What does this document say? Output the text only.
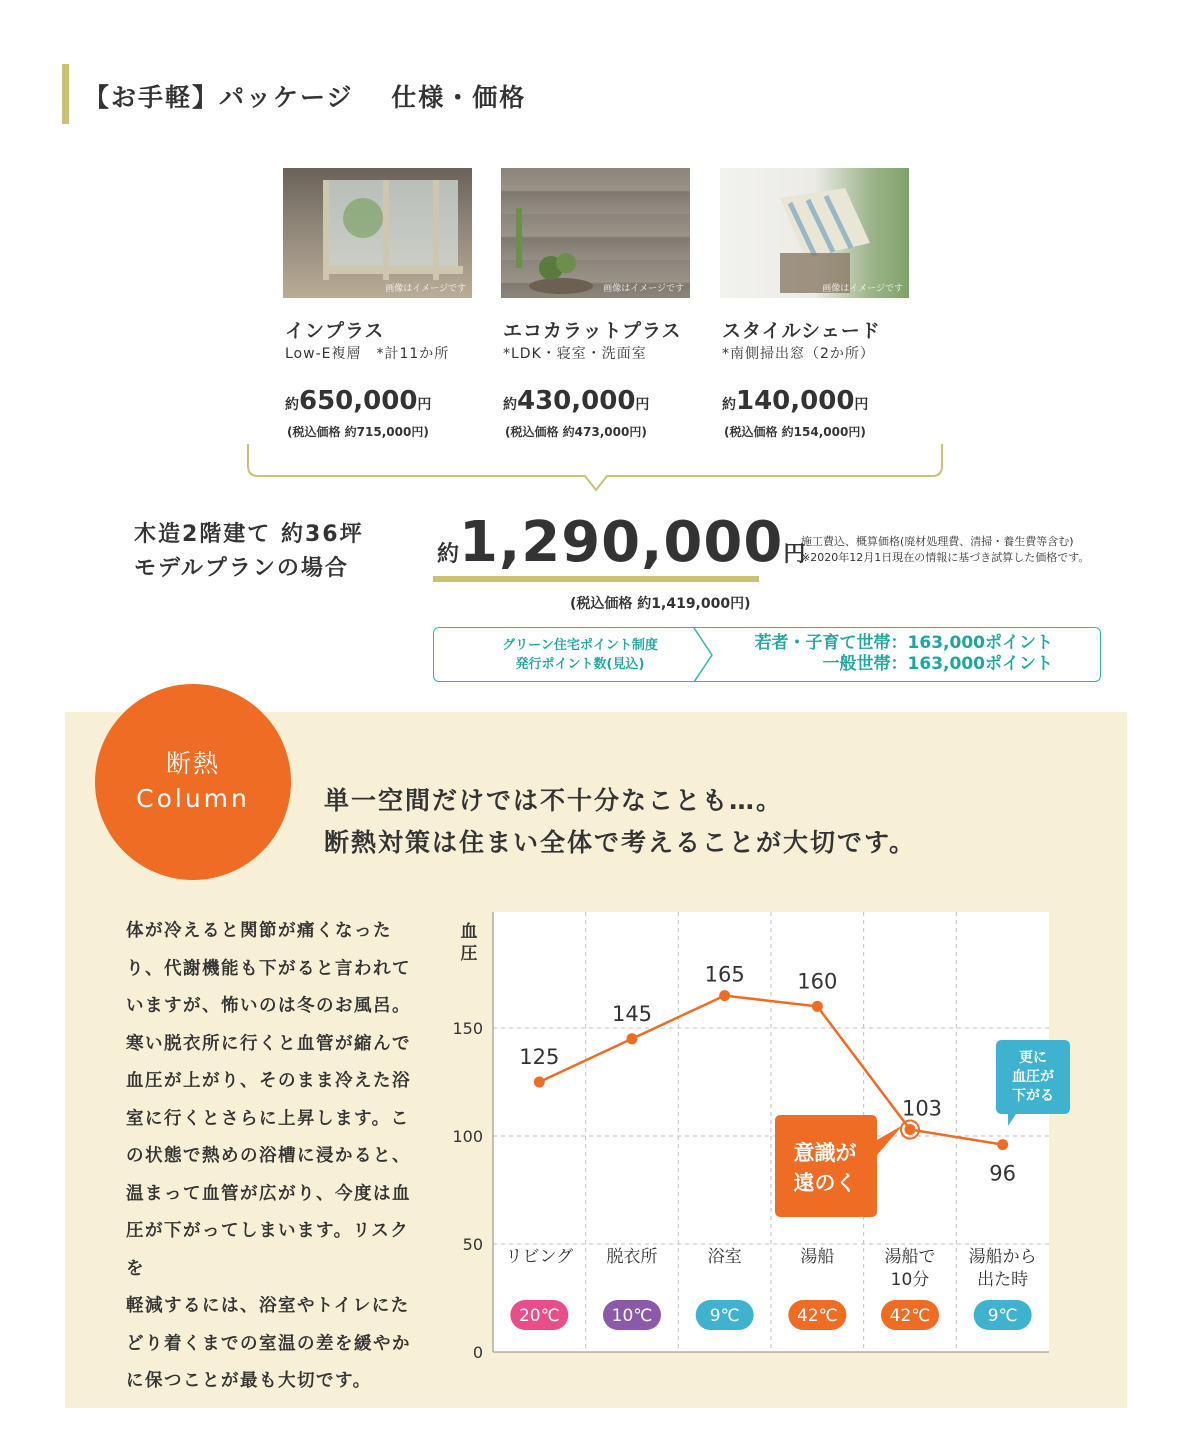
【お手軽】パッケージ　 仕様・価格
画像はイメージです	画像はイメージです	画像はイメージです
インプラス
Low-E複層　*計11か所
約650,000円
(税込価格 約715,000円)
エコカラットプラス
*LDK・寝室・洗面室
約430,000円
(税込価格 約473,000円)
スタイルシェード
*南側掃出窓（2か所）
約140,000円
(税込価格 約154,000円)
木造2階建て 約36坪
モデルプランの場合
約1,290,000円
(税込価格 約1,419,000円)
施工費込、概算価格(廃材処理費、清掃・養生費等含む)
※2020年12月1日現在の情報に基づき試算した価格です。
グリーン住宅ポイント制度
発行ポイント数(見込)
若者・子育て世帯：163,000ポイント
一般世帯：163,000ポイント
断熱
Column	単一空間だけでは不十分なことも…。
断熱対策は住まい全体で考えることが大切です。
体が冷えると関節が痛くなった
り、代謝機能も下がると言われて
いますが、怖いのは冬のお風呂。
寒い脱衣所に行くと血管が縮んで
血圧が上がり、そのまま冷えた浴
室に行くとさらに上昇します。こ
の状態で熱めの浴槽に浸かると、
温まって血管が広がり、今度は血
圧が下がってしまいます。リスクを
軽減するには、浴室やトイレにた
どり着くまでの室温の差を緩やか
に保つことが最も大切です。
0
50
100
150
血
圧
125
145
165	160
103
96
リビング 脱衣所	浴室	湯船	湯船で
10分
湯船から
出た時
20℃	10℃	9℃	42℃	42℃	9℃
意識が
遠のく
更に
血圧が
下がる
